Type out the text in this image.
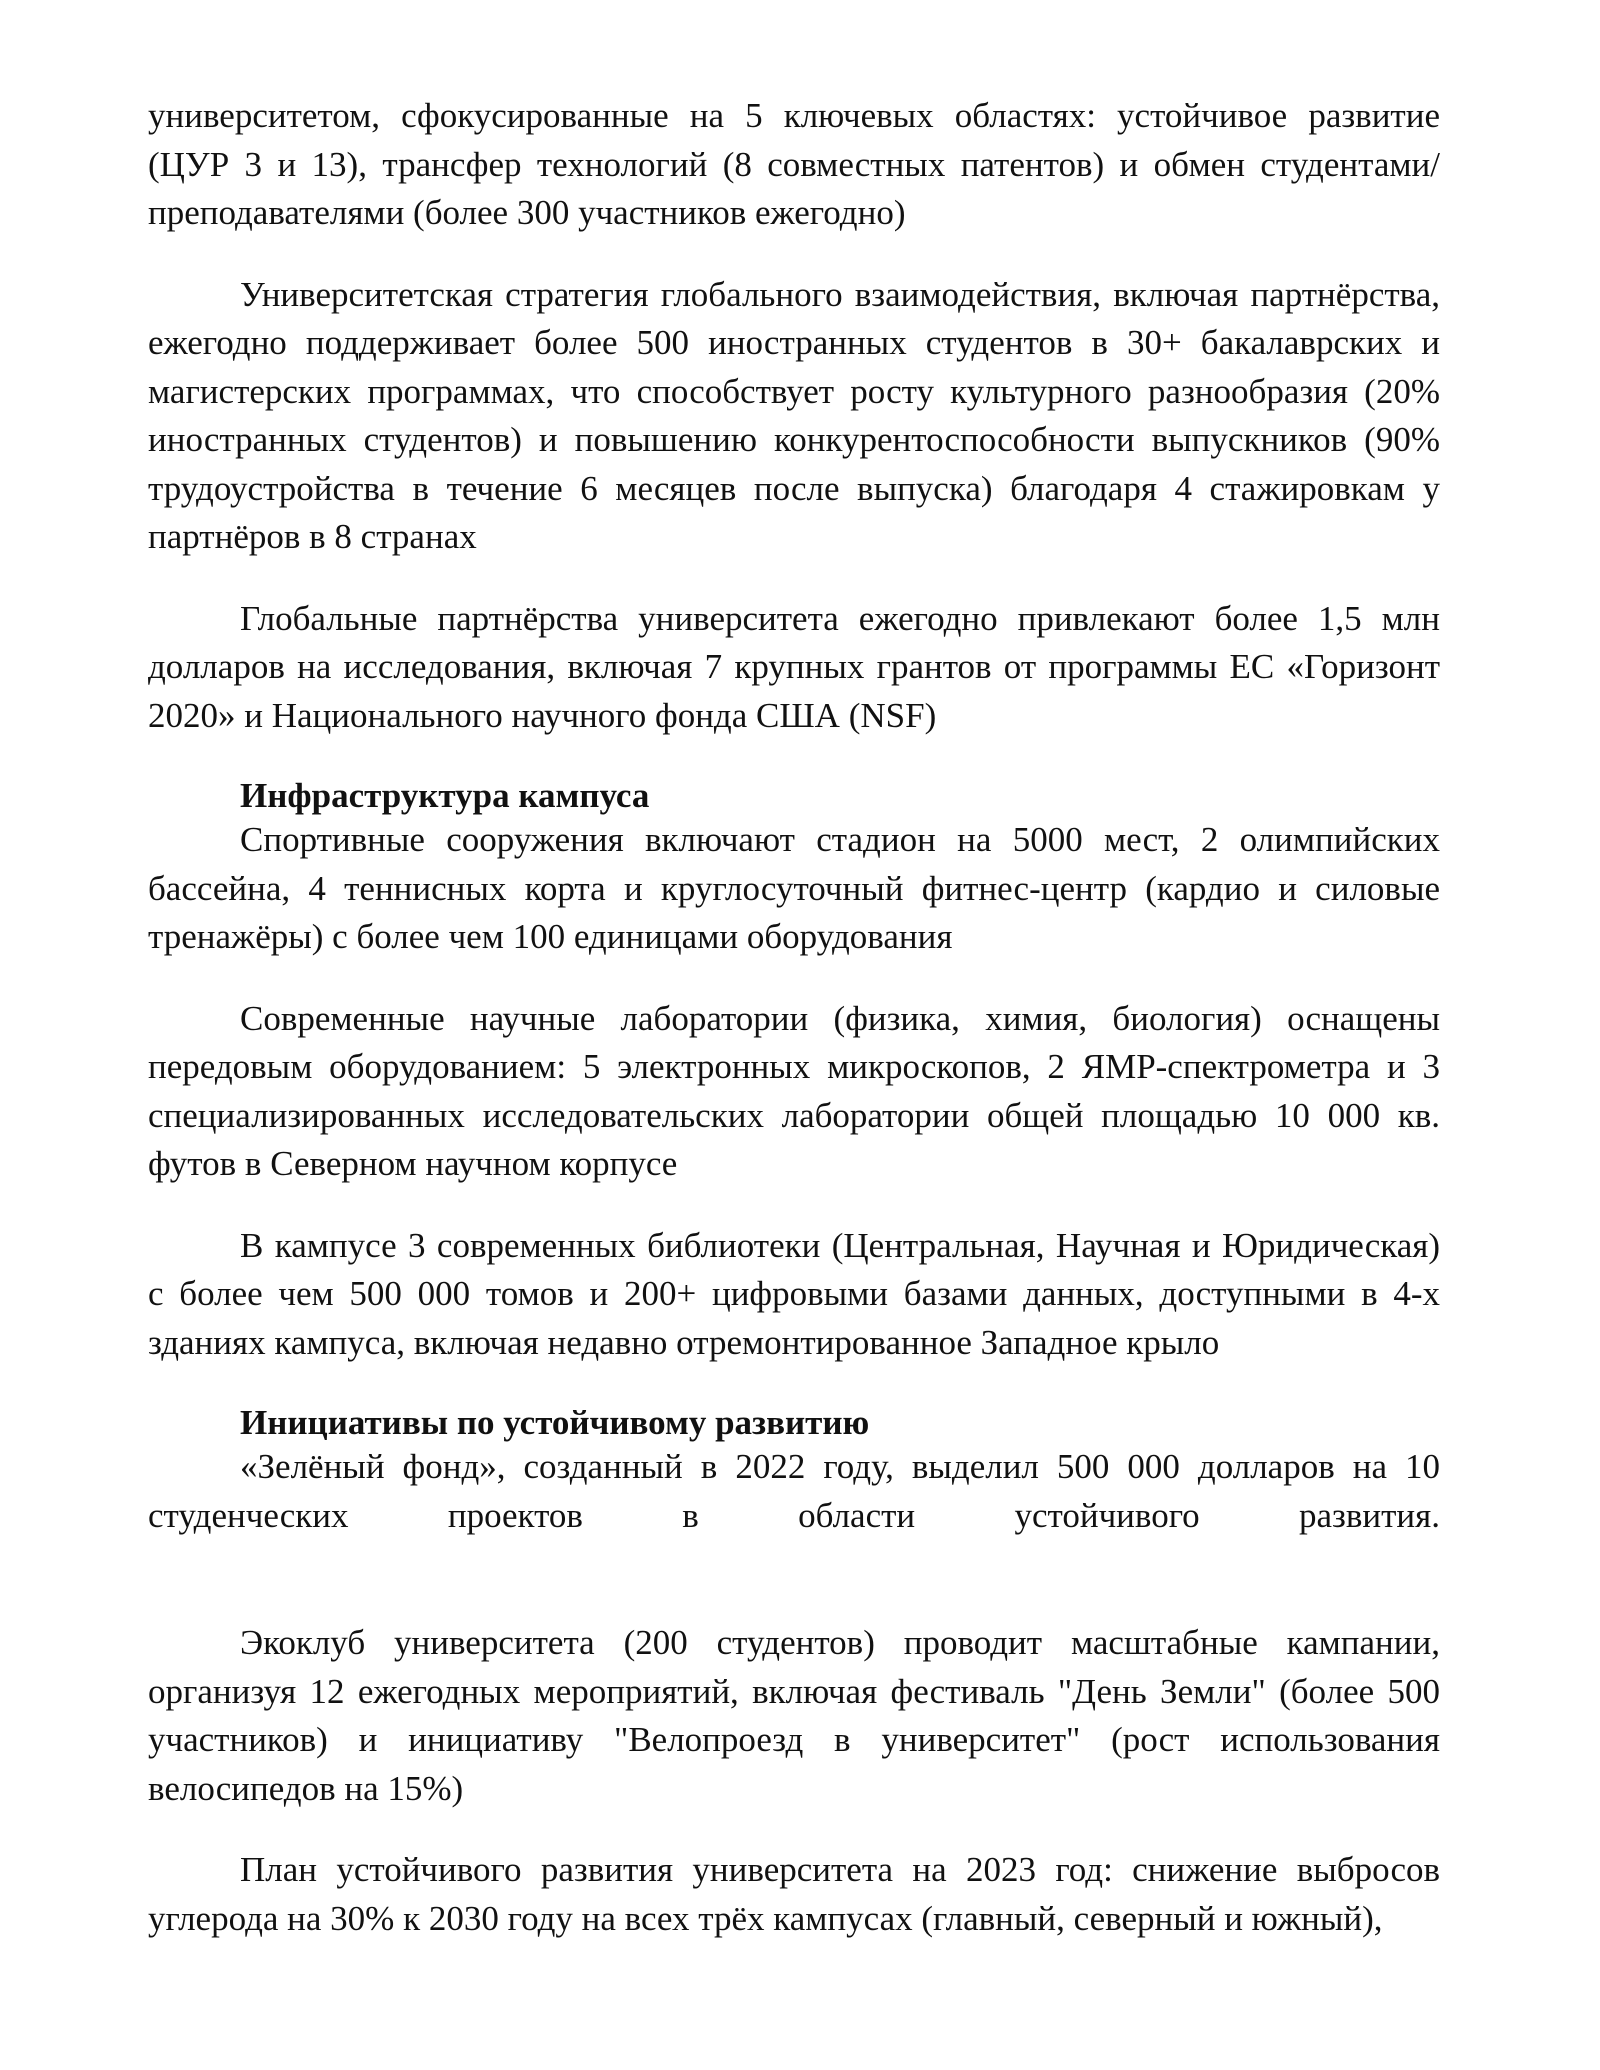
университетом, сфокусированные на 5 ключевых областях: устойчивое развитие (ЦУР 3 и 13), трансфер технологий (8 совместных патентов) и обмен студентами/преподавателями (более 300 участников ежегодно)

Университетская стратегия глобального взаимодействия, включая партнёрства, ежегодно поддерживает более 500 иностранных студентов в 30+ бакалаврских и магистерских программах, что способствует росту культурного разнообразия (20% иностранных студентов) и повышению конкурентоспособности выпускников (90% трудоустройства в течение 6 месяцев после выпуска) благодаря 4 стажировкам у партнёров в 8 странах

Глобальные партнёрства университета ежегодно привлекают более 1,5 млн долларов на исследования, включая 7 крупных грантов от программы ЕС «Горизонт 2020» и Национального научного фонда США (NSF)

Инфраструктура кампуса

Спортивные сооружения включают стадион на 5000 мест, 2 олимпийских бассейна, 4 теннисных корта и круглосуточный фитнес-центр (кардио и силовые тренажёры) с более чем 100 единицами оборудования

Современные научные лаборатории (физика, химия, биология) оснащены передовым оборудованием: 5 электронных микроскопов, 2 ЯМР-спектрометра и 3 специализированных исследовательских лаборатории общей площадью 10 000 кв. футов в Северном научном корпусе

В кампусе 3 современных библиотеки (Центральная, Научная и Юридическая) с более чем 500 000 томов и 200+ цифровыми базами данных, доступными в 4-х зданиях кампуса, включая недавно отремонтированное Западное крыло

Инициативы по устойчивому развитию

«Зелёный фонд», созданный в 2022 году, выделил 500 000 долларов на 10 студенческих проектов в области устойчивого развития.

Экоклуб университета (200 студентов) проводит масштабные кампании, организуя 12 ежегодных мероприятий, включая фестиваль "День Земли" (более 500 участников) и инициативу "Велопроезд в университет" (рост использования велосипедов на 15%)

План устойчивого развития университета на 2023 год: снижение выбросов углерода на 30% к 2030 году на всех трёх кампусах (главный, северный и южный),
